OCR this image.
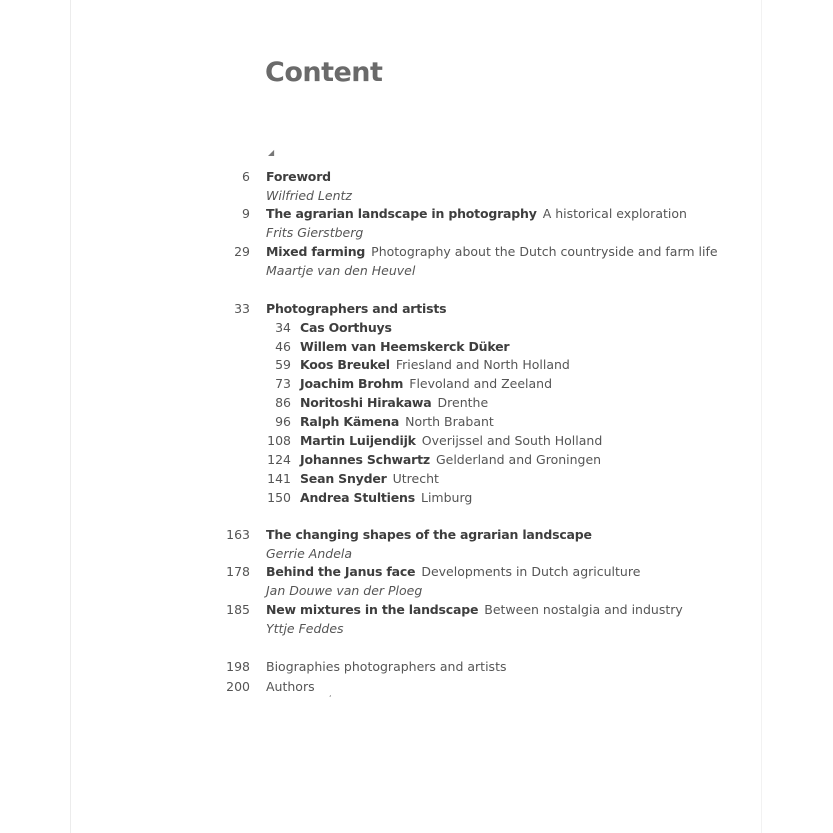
Content
◢
6 Foreword
Wilfried Lentz
9 The agrarian landscape in photography A historical exploration
Frits Gierstberg
29 Mixed farming Photography about the Dutch countryside and farm life
Maartje van den Heuvel
33 Photographers and artists
34 Cas Oorthuys
46 Willem van Heemskerck Düker
59 Koos Breukel Friesland and North Holland
73 Joachim Brohm Flevoland and Zeeland
86 Noritoshi Hirakawa Drenthe
96 Ralph Kämena North Brabant
108 Martin Luijendijk Overijssel and South Holland
124 Johannes Schwartz Gelderland and Groningen
141 Sean Snyder Utrecht
150 Andrea Stultiens Limburg
163 The changing shapes of the agrarian landscape
Gerrie Andela
178 Behind the Janus face Developments in Dutch agriculture
Jan Douwe van der Ploeg
185 New mixtures in the landscape Between nostalgia and industry
Yttje Feddes
198 Biographies photographers and artists
200 Authors
‘
